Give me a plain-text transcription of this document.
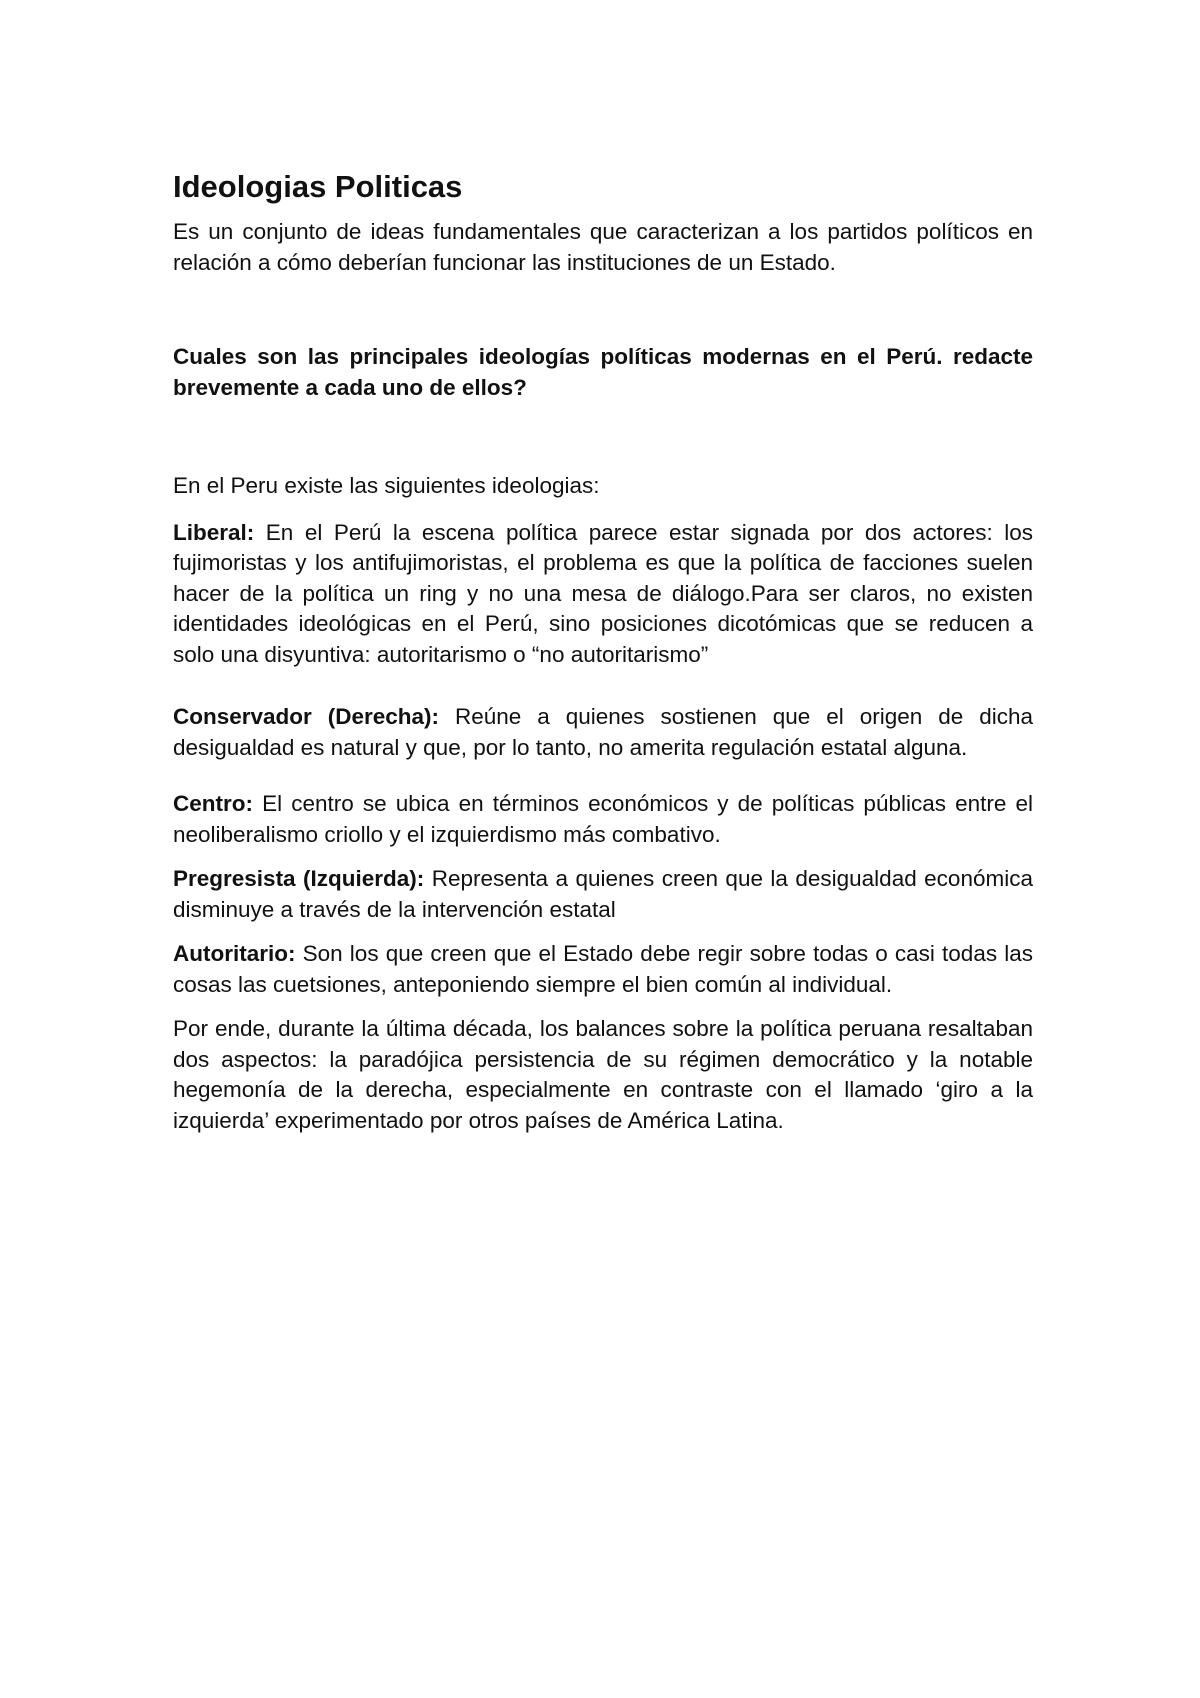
Ideologias Politicas

Es un conjunto de ideas fundamentales que caracterizan a los partidos políticos en relación a cómo deberían funcionar las instituciones de un Estado.

Cuales son las principales ideologías políticas modernas en el Perú. redacte brevemente a cada uno de ellos?

En el Peru existe las siguientes ideologias:

Liberal: En el Perú la escena política parece estar signada por dos actores: los fujimoristas y los antifujimoristas, el problema es que la política de facciones suelen hacer de la política un ring y no una mesa de diálogo.Para ser claros, no existen identidades ideológicas en el Perú, sino posiciones dicotómicas que se reducen a solo una disyuntiva: autoritarismo o “no autoritarismo”

Conservador (Derecha): Reúne a quienes sostienen que el origen de dicha desigualdad es natural y que, por lo tanto, no amerita regulación estatal alguna.

Centro: El centro se ubica en términos económicos y de políticas públicas entre el neoliberalismo criollo y el izquierdismo más combativo.

Pregresista (Izquierda): Representa a quienes creen que la desigualdad económica disminuye a través de la intervención estatal

Autoritario: Son los que creen que el Estado debe regir sobre todas o casi todas las cosas las cuetsiones, anteponiendo siempre el bien común al individual.

Por ende, durante la última década, los balances sobre la política peruana resaltaban dos aspectos: la paradójica persistencia de su régimen democrático y la notable hegemonía de la derecha, especialmente en contraste con el llamado ‘giro a la izquierda’ experimentado por otros países de América Latina.
